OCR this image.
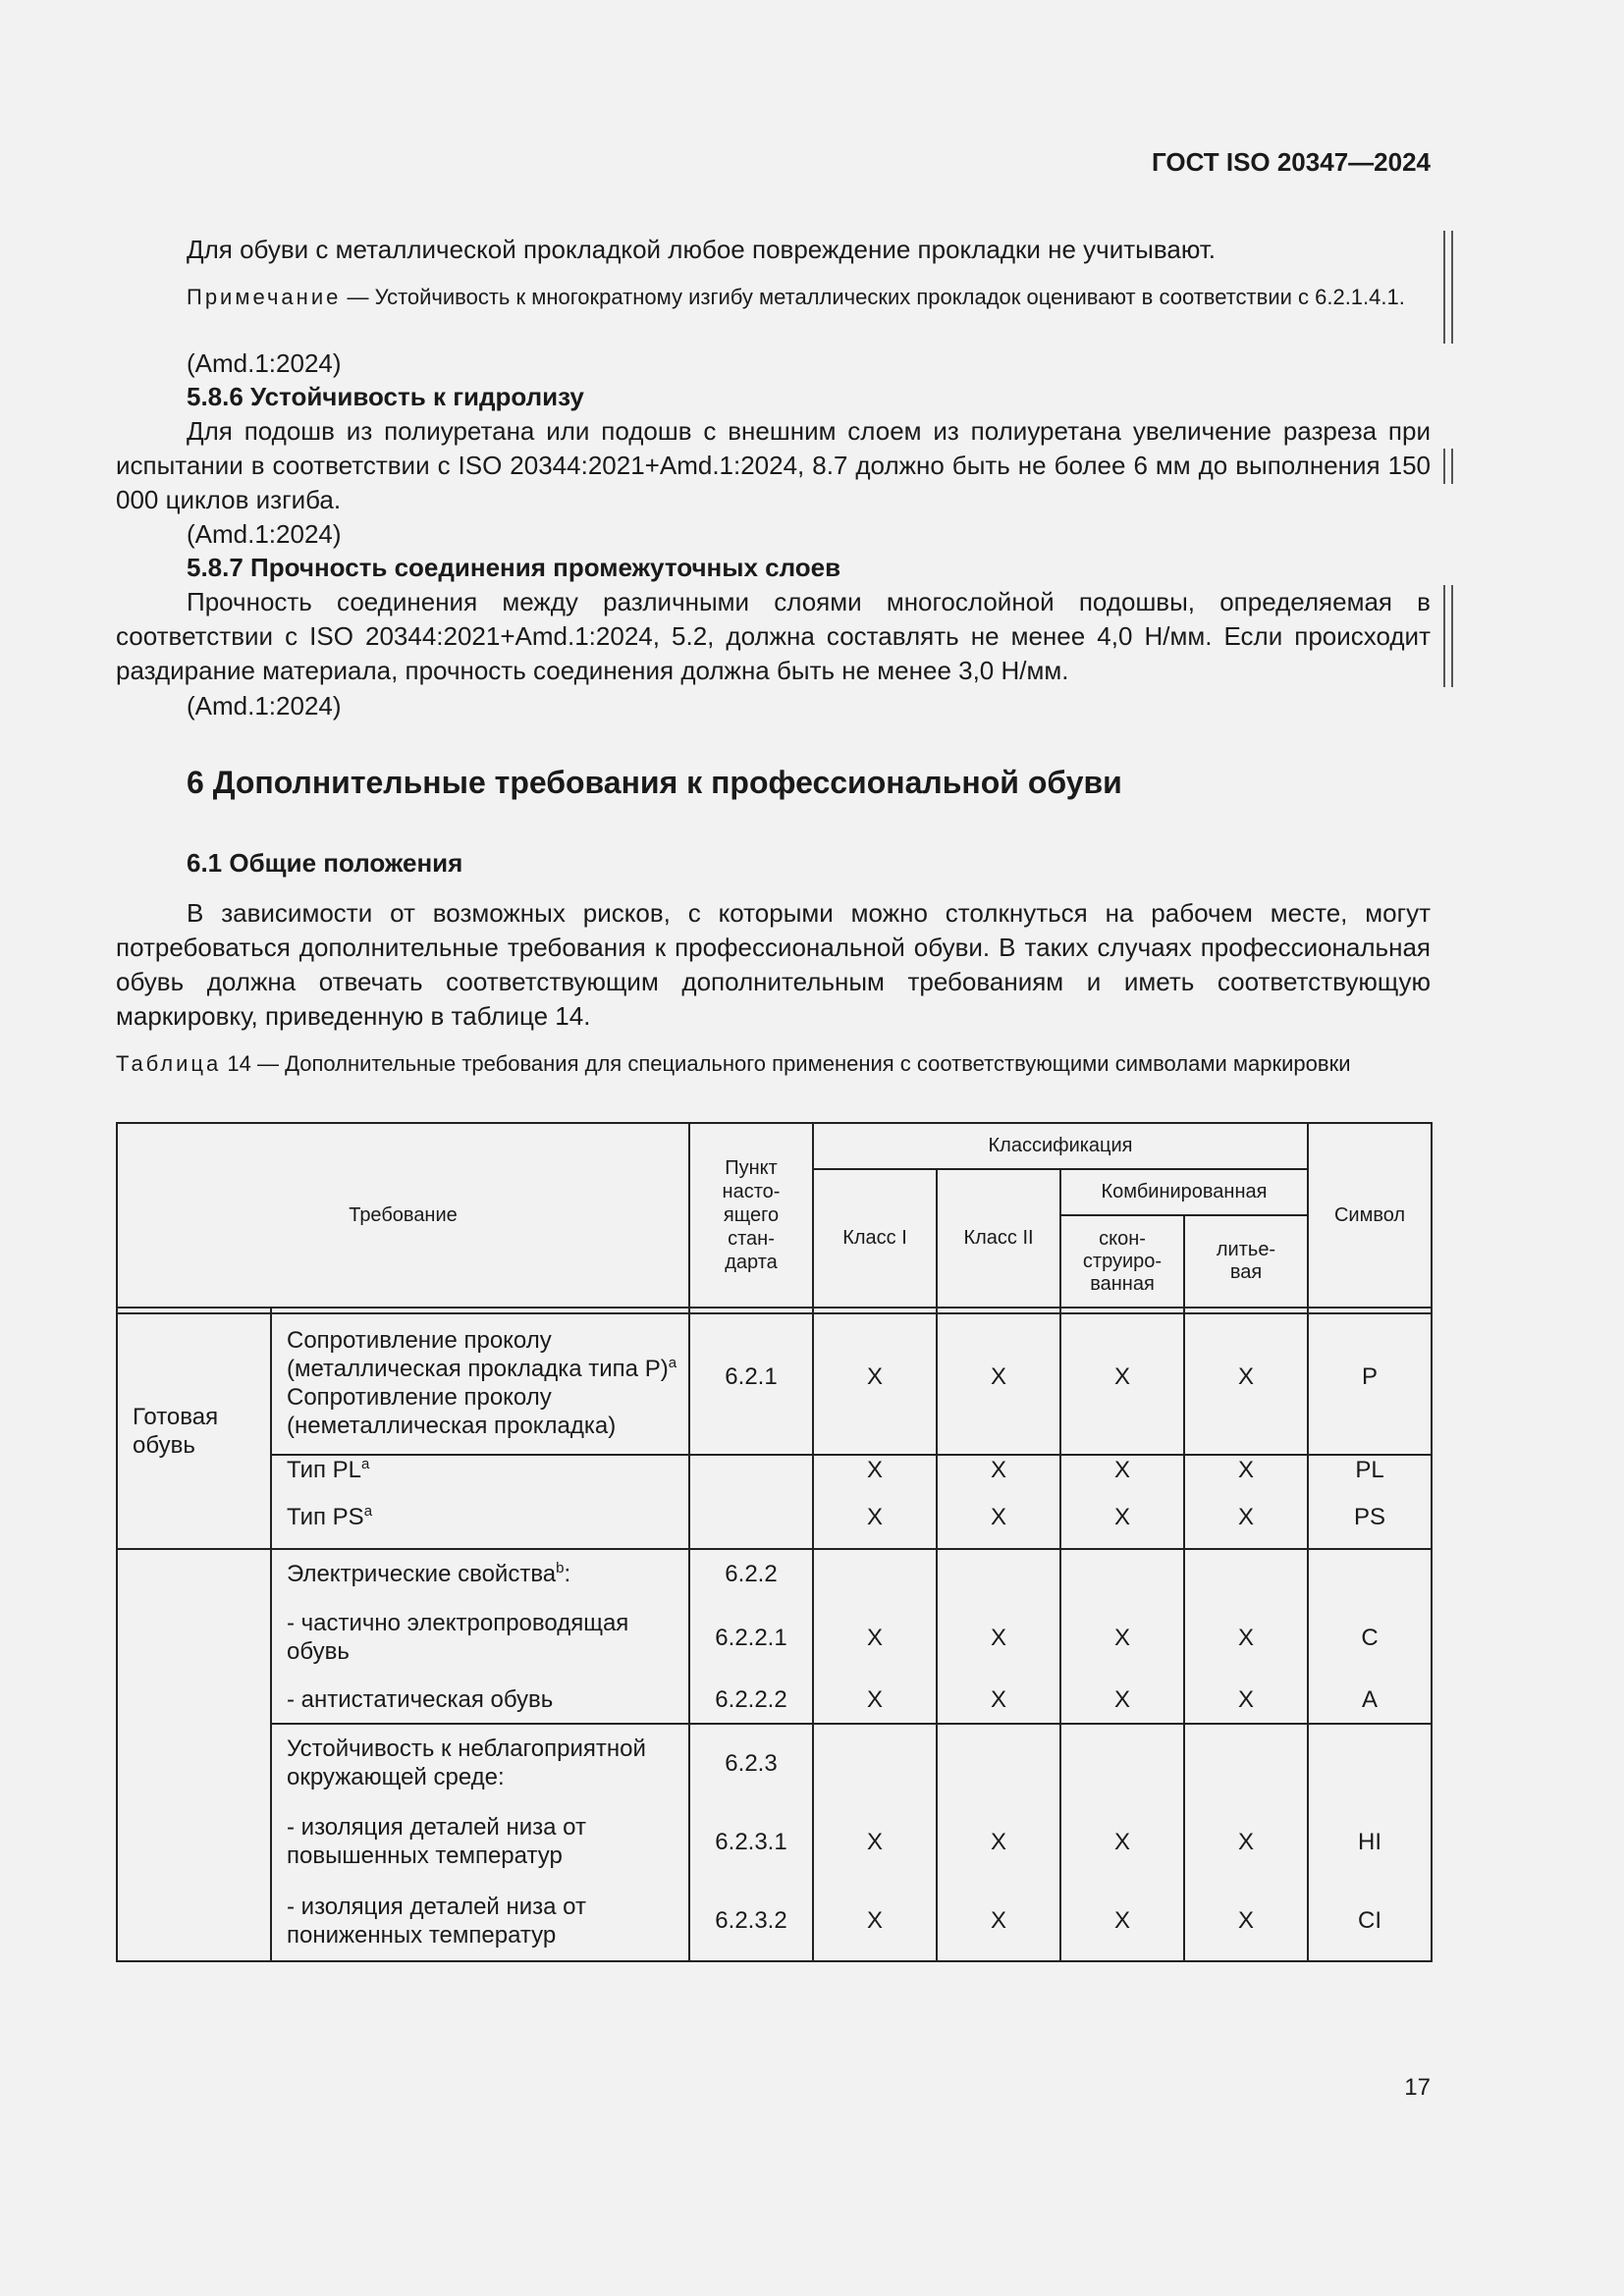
ГОСТ ISO 20347—2024

Для обуви с металлической прокладкой любое повреждение прокладки не учитывают.

Примечание — Устойчивость к многократному изгибу металлических прокладок оценивают в соответствии с 6.2.1.4.1.

(Amd.1:2024)

5.8.6 Устойчивость к гидролизу

Для подошв из полиуретана или подошв с внешним слоем из полиуретана увеличение разреза при испытании в соответствии с ISO 20344:2021+Amd.1:2024, 8.7 должно быть не более 6 мм до выполнения 150 000 циклов изгиба.

(Amd.1:2024)

5.8.7 Прочность соединения промежуточных слоев

Прочность соединения между различными слоями многослойной подошвы, определяемая в соответствии с ISO 20344:2021+Amd.1:2024, 5.2, должна составлять не менее 4,0 Н/мм. Если происходит раздирание материала, прочность соединения должна быть не менее 3,0 Н/мм.

(Amd.1:2024)

6 Дополнительные требования к профессиональной обуви

6.1 Общие положения

В зависимости от возможных рисков, с которыми можно столкнуться на рабочем месте, могут потребоваться дополнительные требования к профессиональной обуви. В таких случаях профессиональная обувь должна отвечать соответствующим дополнительным требованиям и иметь соответствующую маркировку, приведенную в таблице 14.

Таблица 14 — Дополнительные требования для специального применения с соответствующими символами маркировки

Требование		Пункт
насто-
ящего
стан-
дарта	Классификация				Символ
			Класс I	Класс II	Комбинированная		
					скон-
струиро-
ванная	литье-
вая	

Готовая обувь	Сопротивление проколу (металлическая прокладка типа P)$^a$
Сопротивление проколу (неметаллическая прокладка)	6.2.1	X	X	X	X	P
	Тип $PL^a$		X	X	X	X	PL
	Тип $PS^a$		X	X	X	X	PS
	Электрические свойства$^b$:	6.2.2					
	- частично электропроводящая обувь	6.2.2.1	X	X	X	X	C
	- антистатическая обувь	6.2.2.2	X	X	X	X	A
	Устойчивость к неблагоприятной окружающей среде:	6.2.3					
	- изоляция деталей низа от повышенных температур	6.2.3.1	X	X	X	X	HI
	- изоляция деталей низа от пониженных температур	6.2.3.2	X	X	X	X	CI
17
